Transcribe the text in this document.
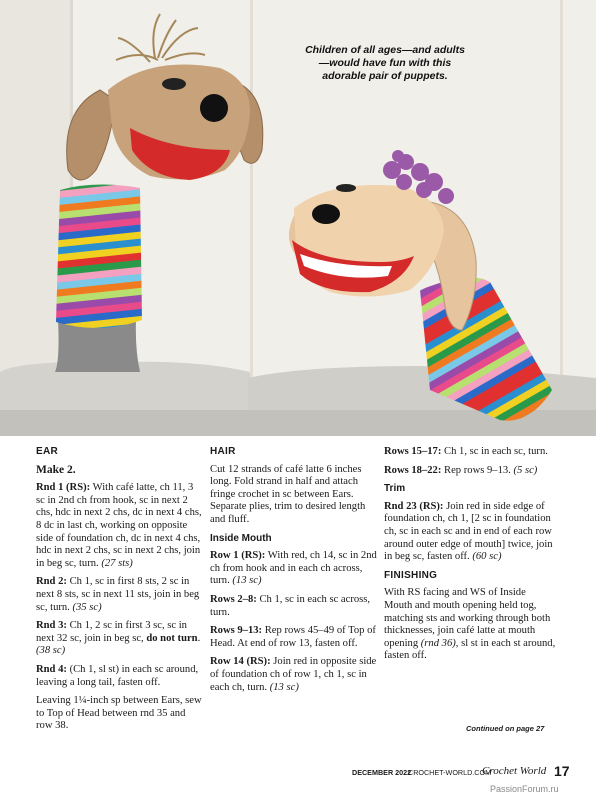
Children of all ages—and adults—would have fun with this adorable pair of puppets.
EAR
Make 2.
Rnd 1 (RS): With café latte, ch 11, 3 sc in 2nd ch from hook, sc in next 2 chs, hdc in next 2 chs, dc in next 4 chs, 8 dc in last ch, working on opposite side of foundation ch, dc in next 4 chs, hdc in next 2 chs, sc in next 2 chs, join in beg sc, turn. (27 sts)
Rnd 2: Ch 1, sc in first 8 sts, 2 sc in next 8 sts, sc in next 11 sts, join in beg sc, turn. (35 sc)
Rnd 3: Ch 1, 2 sc in first 3 sc, sc in next 32 sc, join in beg sc, do not turn. (38 sc)
Rnd 4: (Ch 1, sl st) in each sc around, leaving a long tail, fasten off.
Leaving 1¼-inch sp between Ears, sew to Top of Head between rnd 35 and row 38.
HAIR
Cut 12 strands of café latte 6 inches long. Fold strand in half and attach fringe crochet in sc between Ears. Separate plies, trim to desired length and fluff.
Inside Mouth
Row 1 (RS): With red, ch 14, sc in 2nd ch from hook and in each ch across, turn. (13 sc)
Rows 2–8: Ch 1, sc in each sc across, turn.
Rows 9–13: Rep rows 45–49 of Top of Head. At end of row 13, fasten off.
Row 14 (RS): Join red in opposite side of foundation ch of row 1, ch 1, sc in each ch, turn. (13 sc)
Rows 15–17: Ch 1, sc in each sc, turn.
Rows 18–22: Rep rows 9–13. (5 sc)
Trim
Rnd 23 (RS): Join red in side edge of foundation ch, ch 1, [2 sc in foundation ch, sc in each sc and in end of each row around outer edge of mouth] twice, join in beg sc, fasten off. (60 sc)
FINISHING
With RS facing and WS of Inside Mouth and mouth opening held tog, matching sts and working through both thicknesses, join café latte at mouth opening (rnd 36), sl st in each st around, fasten off.
Continued on page 27
DECEMBER 2022
CROCHET-WORLD.COM
Crochet World 17
PassionForum.ru
